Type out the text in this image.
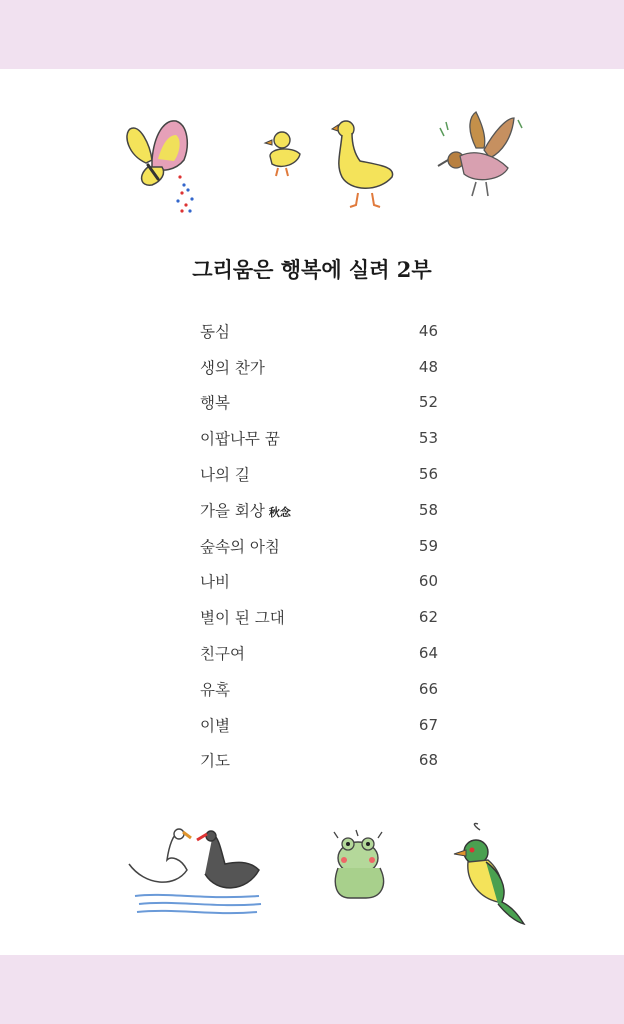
그리움은 행복에 실려 2부
동심	46
생의 찬가	48
행복	52
이팝나무 꿈	53
나의 길	56
가을 회상 秋念	58
숲속의 아침	59
나비	60
별이 된 그대	62
친구여	64
유혹	66
이별	67
기도	68
